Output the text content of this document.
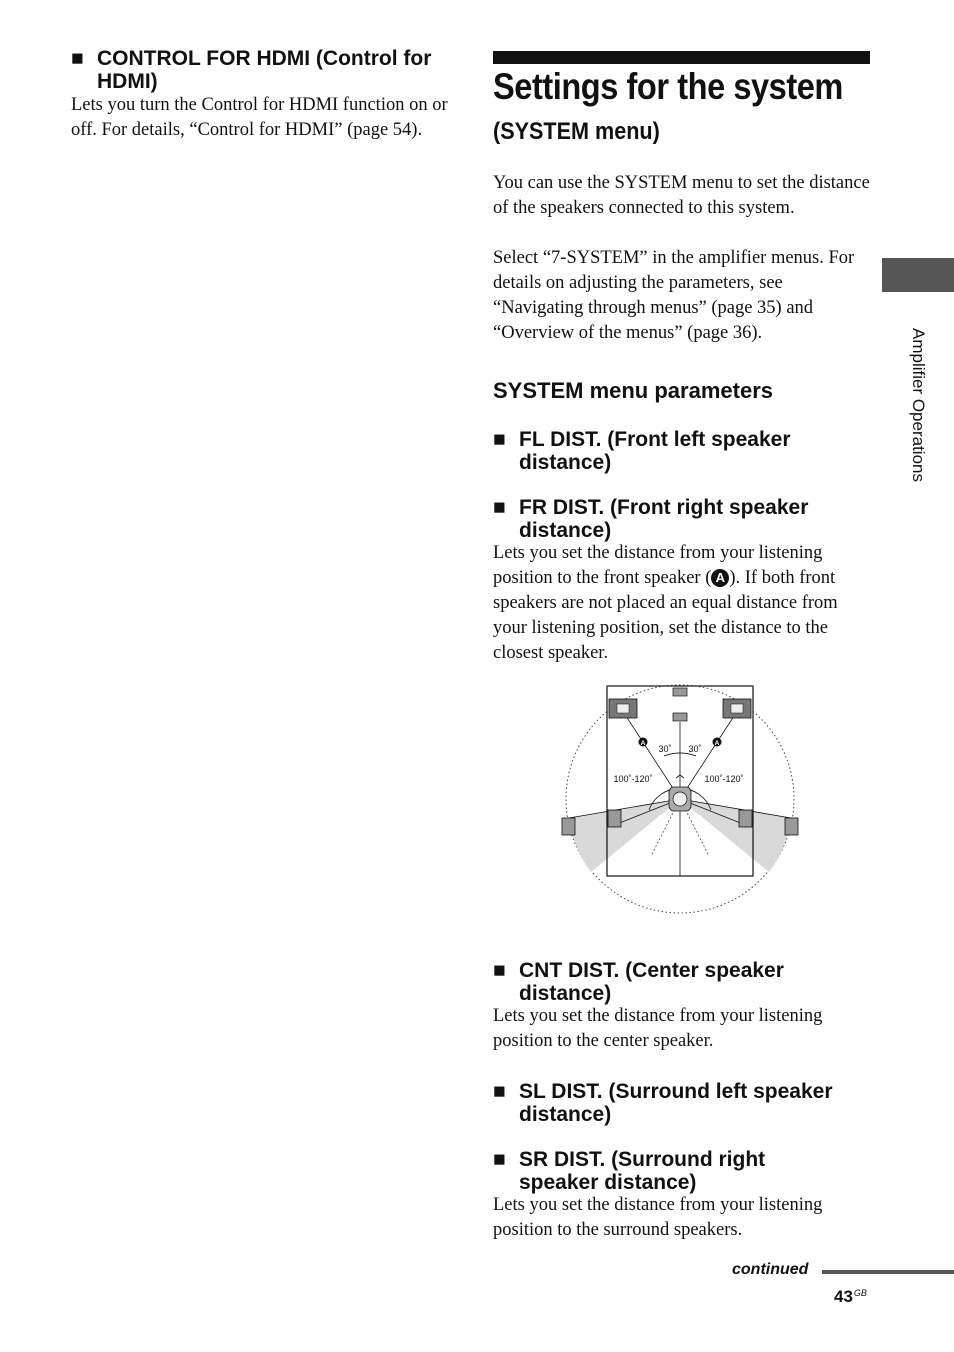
■ CONTROL FOR HDMI (Control for HDMI)
Lets you turn the Control for HDMI function on or off. For details, “Control for HDMI” (page 54).
Settings for the system
(SYSTEM menu)
You can use the SYSTEM menu to set the distance of the speakers connected to this system.
Select “7-SYSTEM” in the amplifier menus. For details on adjusting the parameters, see “Navigating through menus” (page 35) and “Overview of the menus” (page 36).
SYSTEM menu parameters
■ FL DIST. (Front left speaker distance)
■ FR DIST. (Front right speaker distance)
Lets you set the distance from your listening position to the front speaker ( A ). If both front speakers are not placed an equal distance from your listening position, set the distance to the closest speaker.
A	A
30˚ 30˚
100˚-120˚	100˚-120˚
■ CNT DIST. (Center speaker distance)
Lets you set the distance from your listening position to the center speaker.
■ SL DIST. (Surround left speaker distance)
■ SR DIST. (Surround right speaker distance)
Lets you set the distance from your listening position to the surround speakers.
Amplifier Operations
continued
$43^{GB}$
